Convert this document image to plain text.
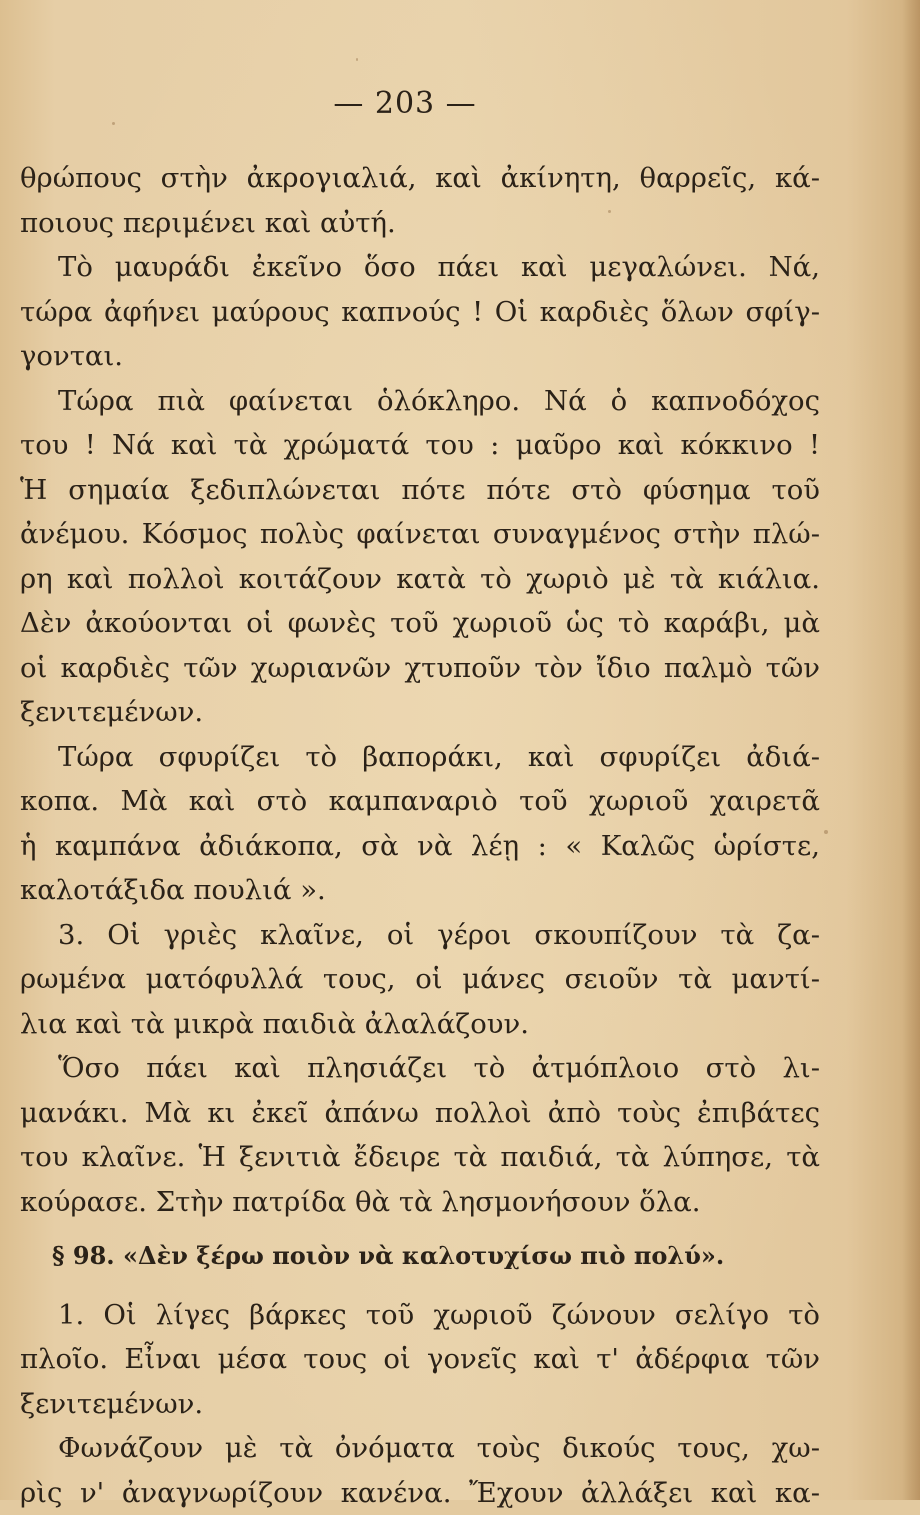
— 203 —
θρώπους στὴν ἀκρογιαλιά, καὶ ἀκίνητη, θαρρεῖς, κά-
ποιους περιμένει καὶ αὐτή.
Τὸ μαυράδι ἐκεῖνο ὅσο πάει καὶ μεγαλώνει. Νά,
τώρα ἀφήνει μαύρους καπνούς ! Οἱ καρδιὲς ὅλων σφίγ-
γονται.
Τώρα πιὰ φαίνεται ὁλόκληρο. Νά ὁ καπνοδόχος
του ! Νά καὶ τὰ χρώματά του : μαῦρο καὶ κόκκινο !
Ἡ σημαία ξεδιπλώνεται πότε πότε στὸ φύσημα τοῦ
ἀνέμου. Κόσμος πολὺς φαίνεται συναγμένος στὴν πλώ-
ρη καὶ πολλοὶ κοιτάζουν κατὰ τὸ χωριὸ μὲ τὰ κιάλια.
Δὲν ἀκούονται οἱ φωνὲς τοῦ χωριοῦ ὡς τὸ καράβι, μὰ
οἱ καρδιὲς τῶν χωριανῶν χτυποῦν τὸν ἴδιο παλμὸ τῶν
ξενιτεμένων.
Τώρα σφυρίζει τὸ βαποράκι, καὶ σφυρίζει ἀδιά-
κοπα. Μὰ καὶ στὸ καμπαναριὸ τοῦ χωριοῦ χαιρετᾶ
ἡ καμπάνα ἀδιάκοπα, σὰ νὰ λέῃ : « Καλῶς ὡρίστε,
καλοτάξιδα πουλιά ».
3. Οἱ γριὲς κλαῖνε, οἱ γέροι σκουπίζουν τὰ ζα-
ρωμένα ματόφυλλά τους, οἱ μάνες σειοῦν τὰ μαντί-
λια καὶ τὰ μικρὰ παιδιὰ ἀλαλάζουν.
Ὅσο πάει καὶ πλησιάζει τὸ ἀτμόπλοιο στὸ λι-
μανάκι. Μὰ κι ἐκεῖ ἀπάνω πολλοὶ ἀπὸ τοὺς ἐπιβάτες
του κλαῖνε. Ἡ ξενιτιὰ ἔδειρε τὰ παιδιά, τὰ λύπησε, τὰ
κούρασε. Στὴν πατρίδα θὰ τὰ λησμονήσουν ὅλα.
§ 98. «Δὲν ξέρω ποιὸν νὰ καλοτυχίσω πιὸ πολύ».
1. Οἱ λίγες βάρκες τοῦ χωριοῦ ζώνουν σελίγο τὸ
πλοῖο. Εἶναι μέσα τους οἱ γονεῖς καὶ τ' ἀδέρφια τῶν
ξενιτεμένων.
Φωνάζουν μὲ τὰ ὀνόματα τοὺς δικούς τους, χω-
ρὶς ν' ἀναγνωρίζουν κανένα. Ἔχουν ἀλλάξει καὶ κα-
